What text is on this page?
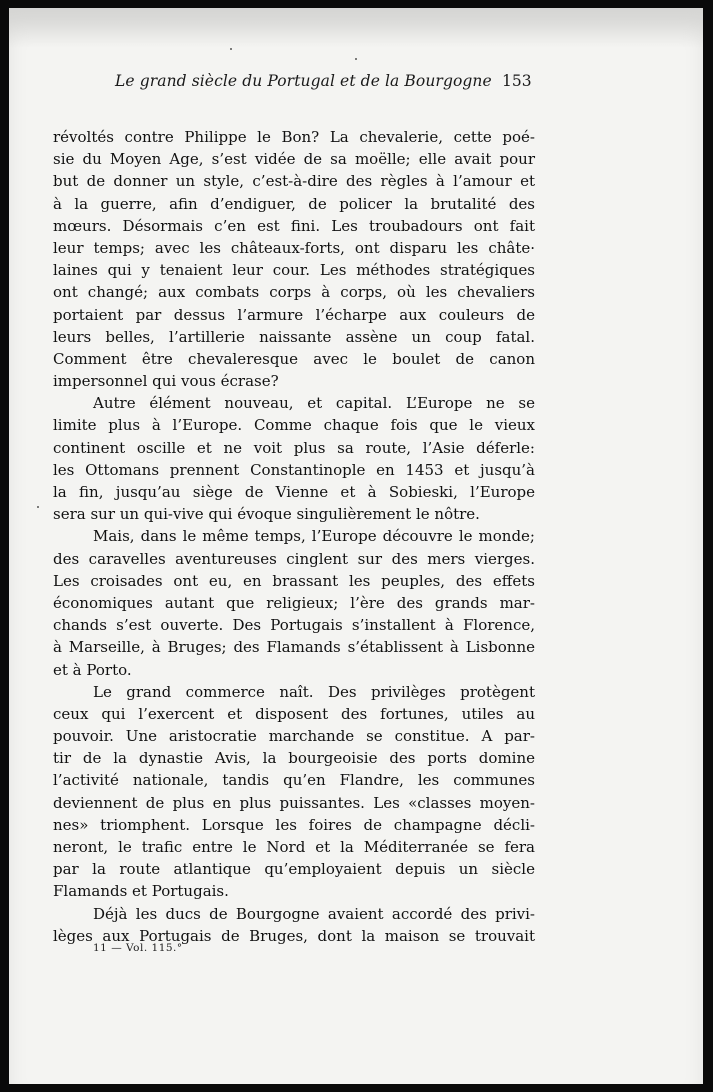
Le grand siècle du Portugal et de la Bourgogne 153
révoltés contre Philippe le Bon? La chevalerie, cette poé-
sie du Moyen Age, s’est vidée de sa moëlle; elle avait pour
but de donner un style, c’est-à-dire des règles à l’amour et
à la guerre, afin d’endiguer, de policer la brutalité des
mœurs. Désormais c’en est fini. Les troubadours ont fait
leur temps; avec les châteaux-forts, ont disparu les châte·
laines qui y tenaient leur cour. Les méthodes stratégiques
ont changé; aux combats corps à corps, où les chevaliers
portaient par dessus l’armure l’écharpe aux couleurs de
leurs belles, l’artillerie naissante assène un coup fatal.
Comment être chevaleresque avec le boulet de canon
impersonnel qui vous écrase?
Autre élément nouveau, et capital. L’Europe ne se
limite plus à l’Europe. Comme chaque fois que le vieux
continent oscille et ne voit plus sa route, l’Asie déferle:
les Ottomans prennent Constantinople en 1453 et jusqu’à
la fin, jusqu’au siège de Vienne et à Sobieski, l’Europe
sera sur un qui-vive qui évoque singulièrement le nôtre.
Mais, dans le même temps, l’Europe découvre le monde;
des caravelles aventureuses cinglent sur des mers vierges.
Les croisades ont eu, en brassant les peuples, des effets
économiques autant que religieux; l’ère des grands mar-
chands s’est ouverte. Des Portugais s’installent à Florence,
à Marseille, à Bruges; des Flamands s’établissent à Lisbonne
et à Porto.
Le grand commerce naît. Des privilèges protègent
ceux qui l’exercent et disposent des fortunes, utiles au
pouvoir. Une aristocratie marchande se constitue. A par-
tir de la dynastie Avis, la bourgeoisie des ports domine
l’activité nationale, tandis qu’en Flandre, les communes
deviennent de plus en plus puissantes. Les «classes moyen-
nes» triomphent. Lorsque les foires de champagne décli-
neront, le trafic entre le Nord et la Méditerranée se fera
par la route atlantique qu’employaient depuis un siècle
Flamands et Portugais.
Déjà les ducs de Bourgogne avaient accordé des privi-
lèges aux Portugais de Bruges, dont la maison se trouvait
11 — Vol. 115.°
